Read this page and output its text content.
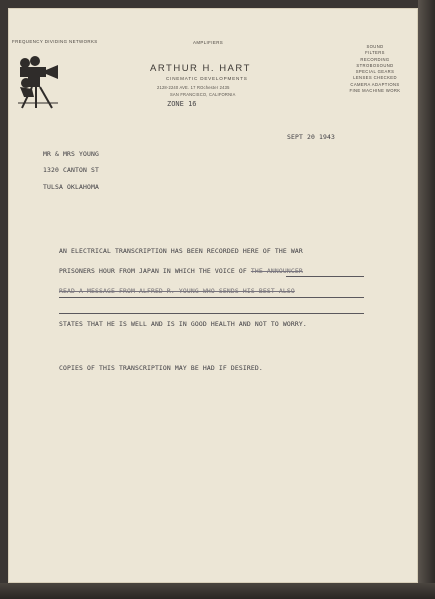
FREQUENCY DIVIDING NETWORKS	AMPLIFIERS
ARTHUR H. HART
CINEMATIC DEVELOPMENTS
2128-2240 AVE. 17 ROchester 2435
SAN FRANCISCO, CALIFORNIA
SOUND
FILTERS
RECORDING
STROBOSOUND
SPECIAL GEARS
LENSES CHECKED
CAMERA ADAPTIONS
FINE MACHINE WORK
ZONE 16
SEPT 20 1943
MR & MRS YOUNG
1320 CANTON ST
TULSA OKLAHOMA
AN ELECTRICAL TRANSCRIPTION HAS BEEN RECORDED HERE OF THE WAR
PRISONERS HOUR FROM JAPAN IN WHICH THE VOICE OF THE ANNOUNCER
READ A MESSAGE FROM ALFRED R. YOUNG WHO SENDS HIS BEST ALSO
STATES THAT HE IS WELL AND IS IN GOOD HEALTH AND NOT TO WORRY.
COPIES OF THIS TRANSCRIPTION MAY BE HAD IF DESIRED.
